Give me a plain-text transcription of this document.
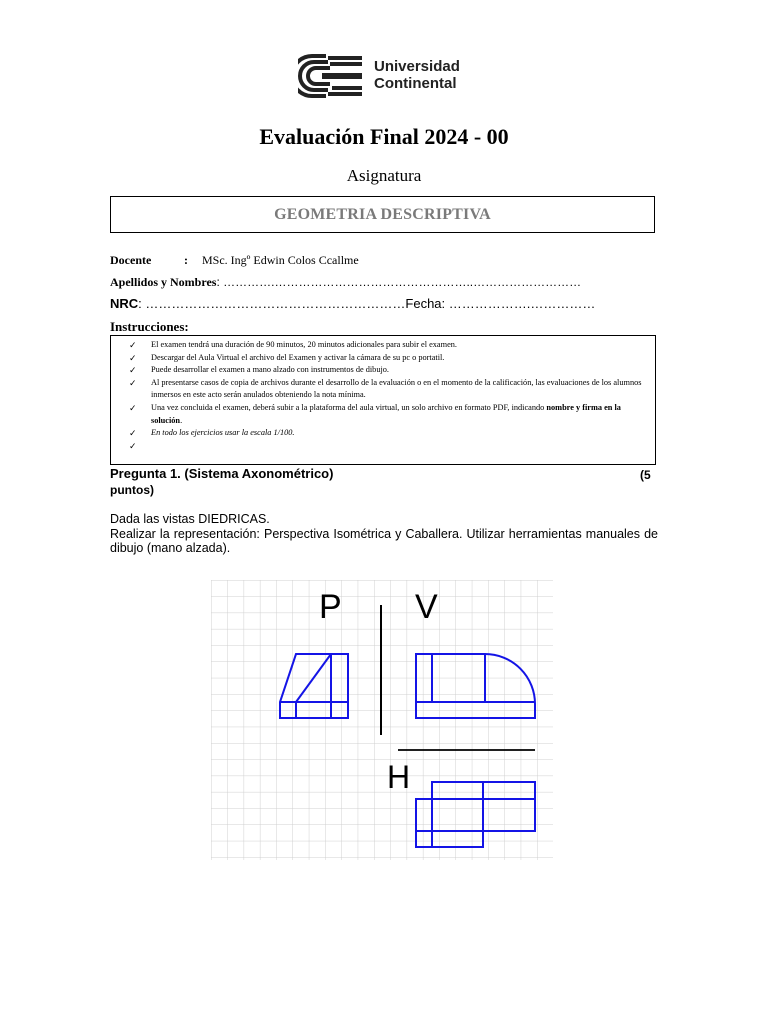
Universidad
Continental
Evaluación Final 2024 - 00
Asignatura
GEOMETRIA DESCRIPTIVA
Docente	: MSc. Ingº Edwin Colos Ccallme
Apellidos y Nombres: ………….…………………………………………..………………………
NRC: ……………………………………………………Fecha: ……………….……………
Instrucciones:
✓ El examen tendrá una duración de 90 minutos, 20 minutos adicionales para subir el examen.
✓ Descargar del Aula Virtual el archivo del Examen y activar la cámara de su pc o portatil.
✓ Puede desarrollar el examen a mano alzado con instrumentos de dibujo.
✓ Al presentarse casos de copia de archivos durante el desarrollo de la evaluación o en el momento de la calificación, las evaluaciones de los alumnos inmersos en este acto serán anulados obteniendo la nota mínima.
✓ Una vez concluida el examen, deberá subir a la plataforma del aula virtual, un solo archivo en formato PDF, indicando nombre y firma en la solución.
✓ En todo los ejercicios usar la escala 1/100.
✓
Pregunta 1. (Sistema Axonométrico)	(5
puntos)
Dada las vistas DIEDRICAS.
Realizar la representación: Perspectiva Isométrica y Caballera. Utilizar herramientas manuales de dibujo (mano alzada).
P V
H
